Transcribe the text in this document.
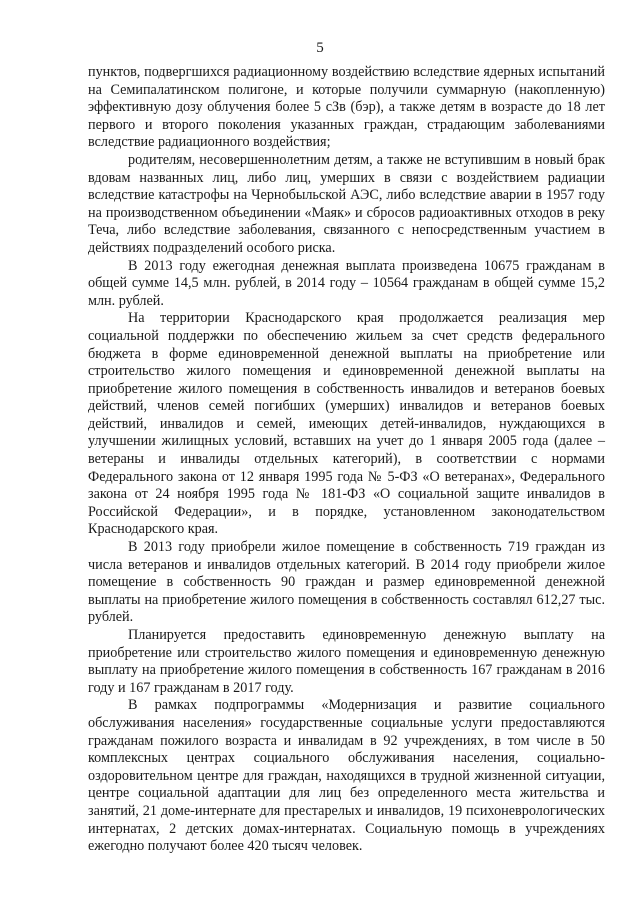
5

пунктов, подвергшихся радиационному воздействию вследствие ядерных испытаний на Семипалатинском полигоне, и которые получили суммарную (накопленную) эффективную дозу облучения более 5 сЗв (бэр), а также детям в возрасте до 18 лет первого и второго поколения указанных граждан, страдающим заболеваниями вследствие радиационного воздействия;

родителям, несовершеннолетним детям, а также не вступившим в новый брак вдовам названных лиц, либо лиц, умерших в связи с воздействием радиации вследствие катастрофы на Чернобыльской АЭС, либо вследствие аварии в 1957 году на производственном объединении «Маяк» и сбросов радиоактивных отходов в реку Теча, либо вследствие заболевания, связанного с непосредственным участием в действиях подразделений особого риска.

В 2013 году ежегодная денежная выплата произведена 10675 гражданам в общей сумме 14,5 млн. рублей, в 2014 году – 10564 гражданам в общей сумме 15,2 млн. рублей.

На территории Краснодарского края продолжается реализация мер социальной поддержки по обеспечению жильем за счет средств федерального бюджета в форме единовременной денежной выплаты на приобретение или строительство жилого помещения и единовременной денежной выплаты на приобретение жилого помещения в собственность инвалидов и ветеранов боевых действий, членов семей погибших (умерших) инвалидов и ветеранов боевых действий, инвалидов и семей, имеющих детей-инвалидов, нуждающихся в улучшении жилищных условий, вставших на учет до 1 января 2005 года (далее – ветераны и инвалиды отдельных категорий), в соответствии с нормами Федерального закона от 12 января 1995 года № 5-ФЗ «О ветеранах», Федерального закона от 24 ноября 1995 года № 181-ФЗ «О социальной защите инвалидов в Российской Федерации», и в порядке, установленном законодательством Краснодарского края.

В 2013 году приобрели жилое помещение в собственность 719 граждан из числа ветеранов и инвалидов отдельных категорий. В 2014 году приобрели жилое помещение в собственность 90 граждан и размер единовременной денежной выплаты на приобретение жилого помещения в собственность составлял 612,27 тыс. рублей.

Планируется предоставить единовременную денежную выплату на приобретение или строительство жилого помещения и единовременную денежную выплату на приобретение жилого помещения в собственность 167 гражданам в 2016 году и 167 гражданам в 2017 году.

В рамках подпрограммы «Модернизация и развитие социального обслуживания населения» государственные социальные услуги предоставляются гражданам пожилого возраста и инвалидам в 92 учреждениях, в том числе в 50 комплексных центрах социального обслуживания населения, социально-оздоровительном центре для граждан, находящихся в трудной жизненной ситуации, центре социальной адаптации для лиц без определенного места жительства и занятий, 21 доме-интернате для престарелых и инвалидов, 19 психоневрологических интернатах, 2 детских домах-интернатах. Социальную помощь в учреждениях ежегодно получают более 420 тысяч человек.
